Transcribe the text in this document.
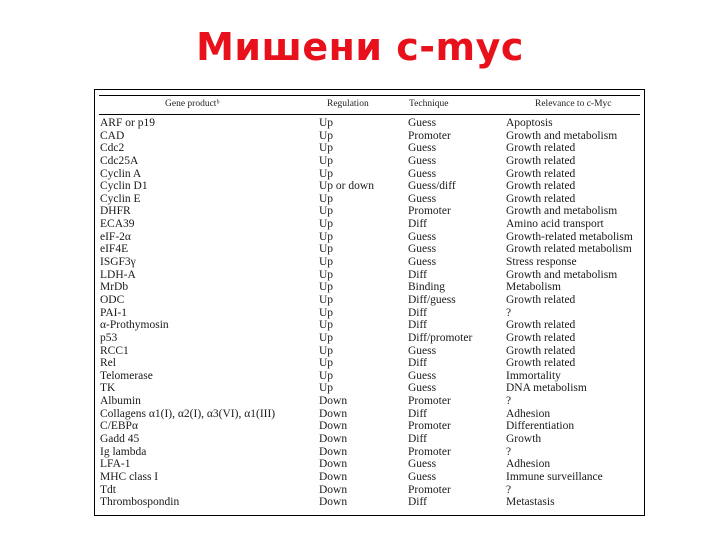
Мишени c-myc
Gene productᵇ	Regulation	Technique	Relevance to c-Myc
ARF or p19	Up	Guess	Apoptosis
CAD	Up	Promoter	Growth and metabolism
Cdc2	Up	Guess	Growth related
Cdc25A	Up	Guess	Growth related
Cyclin A	Up	Guess	Growth related
Cyclin D1	Up or down	Guess/diff	Growth related
Cyclin E	Up	Guess	Growth related
DHFR	Up	Promoter	Growth and metabolism
ECA39	Up	Diff	Amino acid transport
eIF-2α	Up	Guess	Growth-related metabolism
eIF4E	Up	Guess	Growth related metabolism
ISGF3γ	Up	Guess	Stress response
LDH-A	Up	Diff	Growth and metabolism
MrDb	Up	Binding	Metabolism
ODC	Up	Diff/guess	Growth related
PAI-1	Up	Diff	?
α-Prothymosin	Up	Diff	Growth related
p53	Up	Diff/promoter	Growth related
RCC1	Up	Guess	Growth related
Rel	Up	Diff	Growth related
Telomerase	Up	Guess	Immortality
TK	Up	Guess	DNA metabolism
Albumin	Down	Promoter	?
Collagens α1(I), α2(I), α3(VI), α1(III)	Down	Diff	Adhesion
C/EBPα	Down	Promoter	Differentiation
Gadd 45	Down	Diff	Growth
Ig lambda	Down	Promoter	?
LFA-1	Down	Guess	Adhesion
MHC class I	Down	Guess	Immune surveillance
Tdt	Down	Promoter	?
Thrombospondin	Down	Diff	Metastasis
